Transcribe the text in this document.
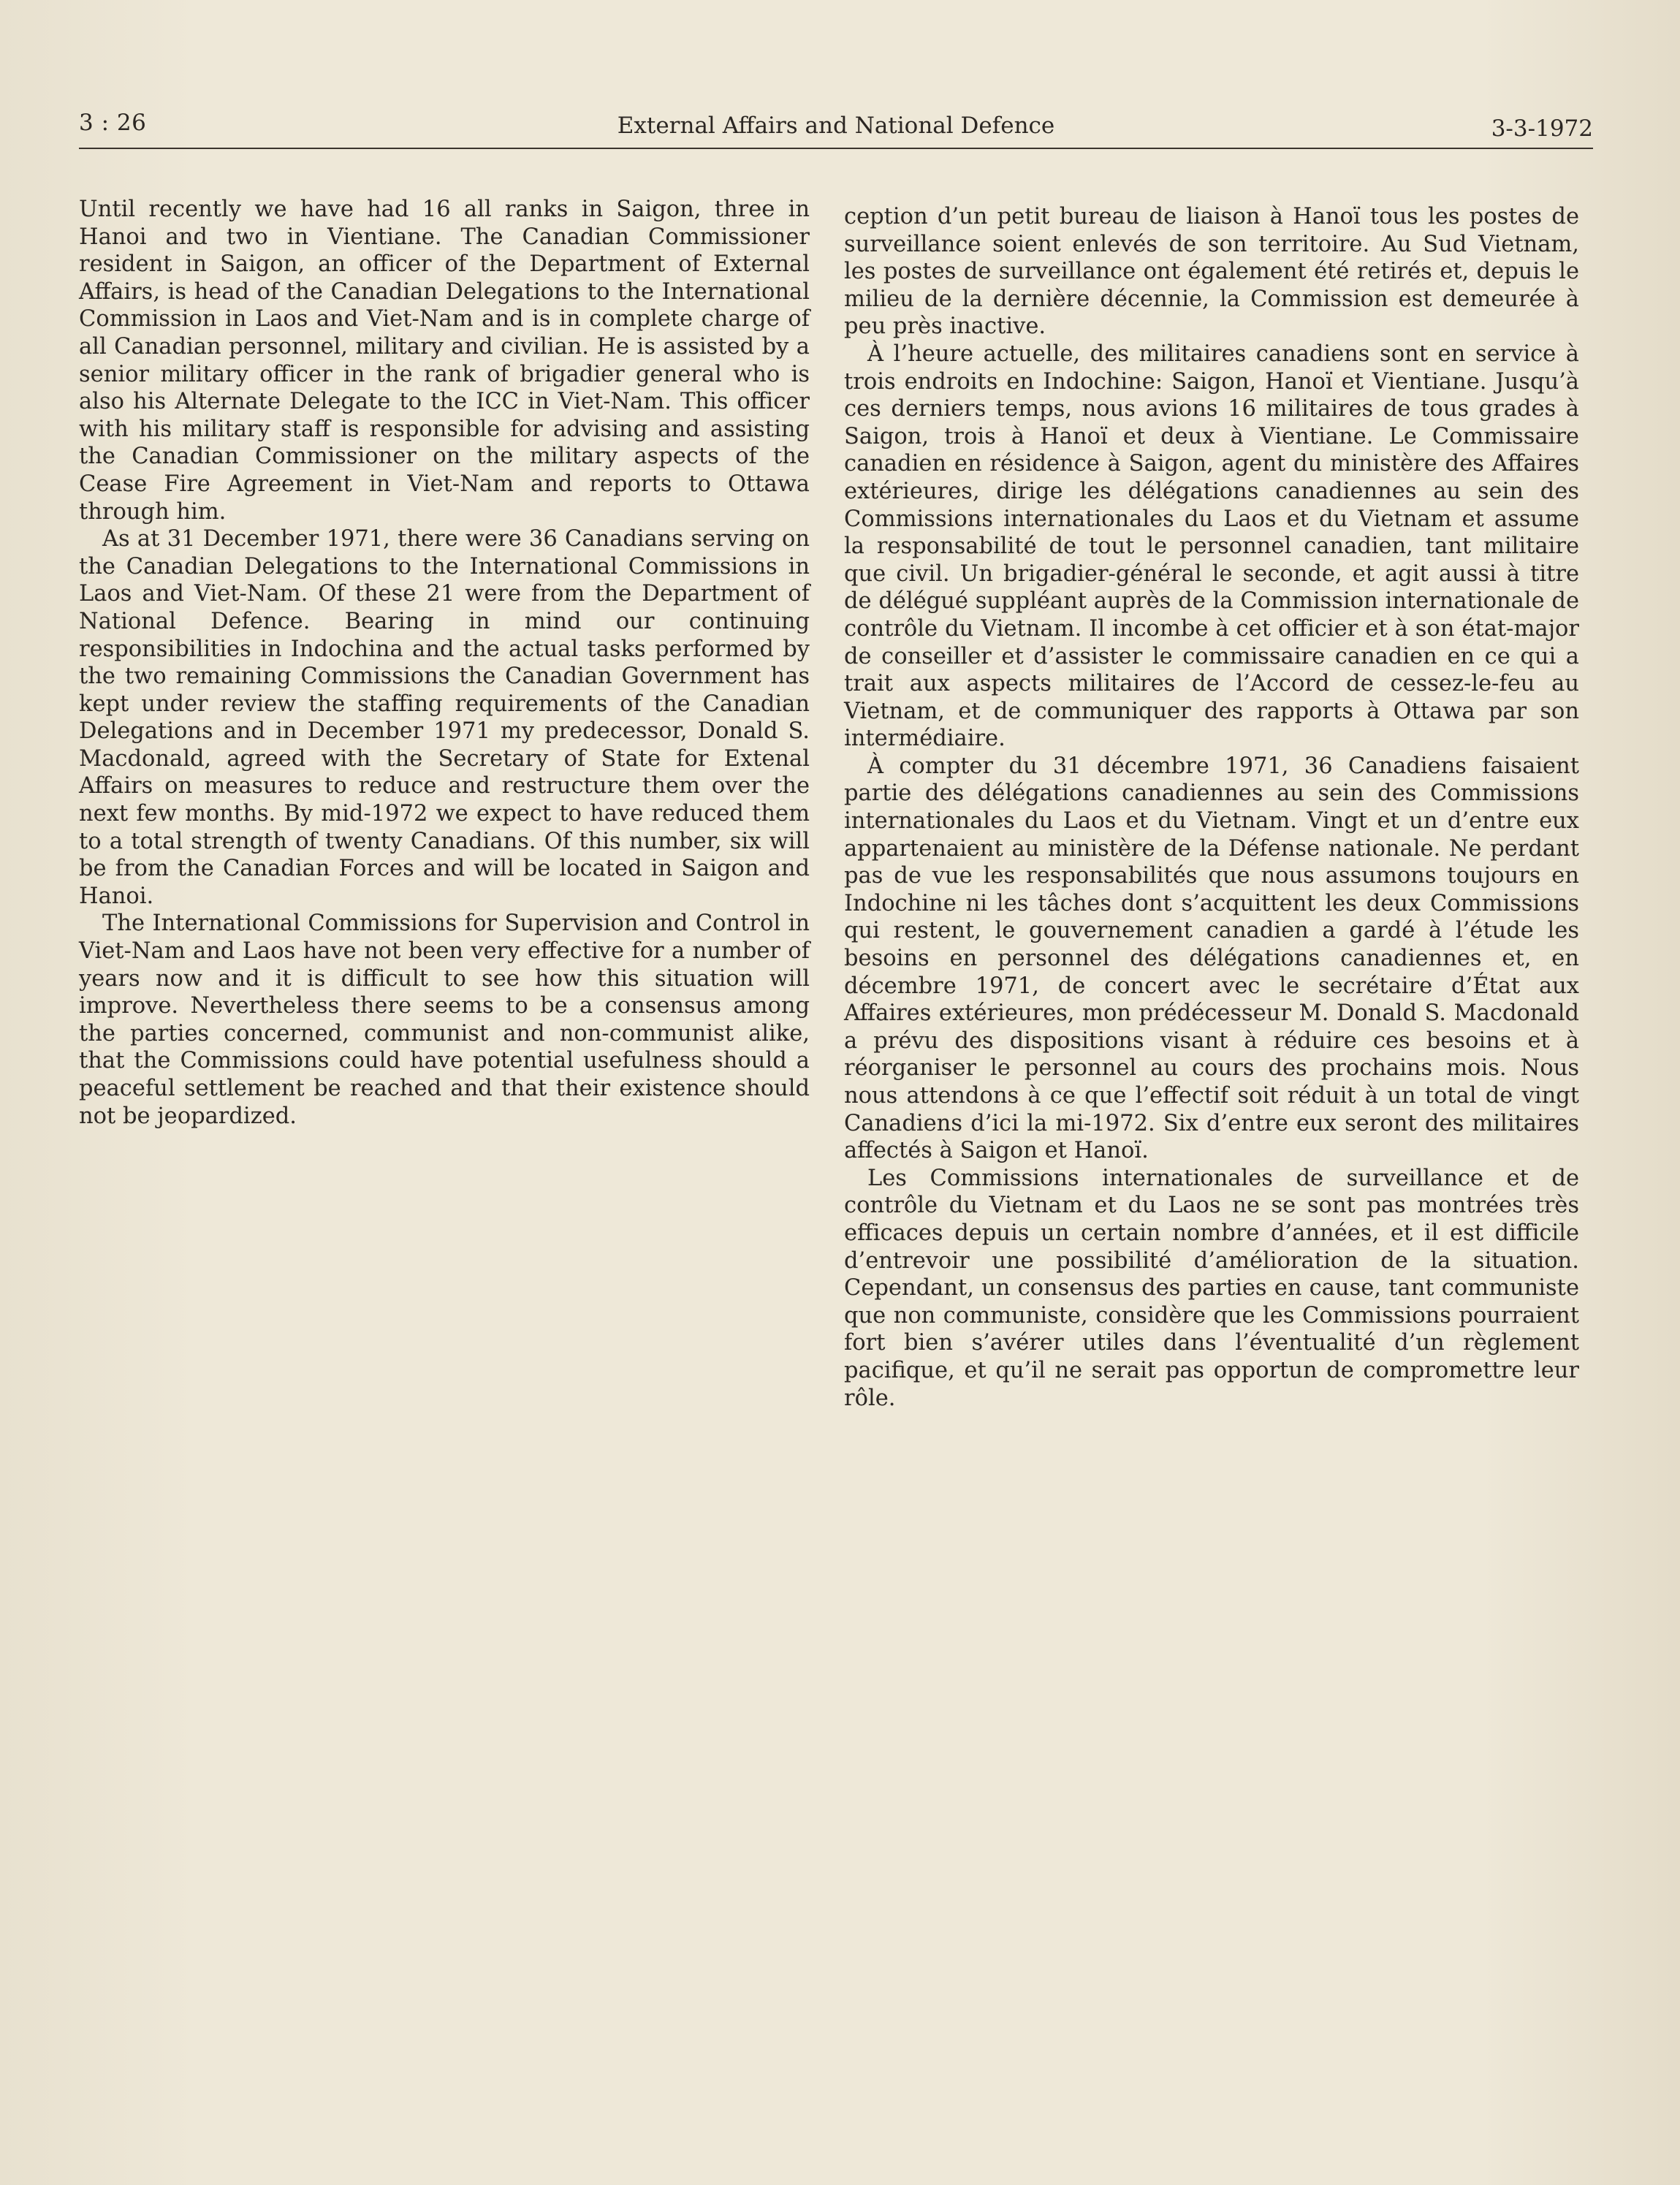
3 : 26	External Affairs and National Defence	3-3-1972

Until recently we have had 16 all ranks in Saigon, three in Hanoi and two in Vientiane. The Canadian Commissioner resident in Saigon, an officer of the Department of External Affairs, is head of the Canadian Delegations to the International Commission in Laos and Viet-Nam and is in complete charge of all Canadian personnel, military and civilian. He is assisted by a senior military officer in the rank of brigadier general who is also his Alternate Delegate to the ICC in Viet-Nam. This officer with his military staff is responsible for advising and assisting the Canadian Commissioner on the military aspects of the Cease Fire Agreement in Viet-Nam and reports to Ottawa through him.

As at 31 December 1971, there were 36 Canadians serving on the Canadian Delegations to the International Commissions in Laos and Viet-Nam. Of these 21 were from the Department of National Defence. Bearing in mind our continuing responsibilities in Indochina and the actual tasks performed by the two remaining Commissions the Canadian Government has kept under review the staffing requirements of the Canadian Delegations and in December 1971 my predecessor, Donald S. Macdonald, agreed with the Secretary of State for Extenal Affairs on measures to reduce and restructure them over the next few months. By mid-1972 we expect to have reduced them to a total strength of twenty Canadians. Of this number, six will be from the Canadian Forces and will be located in Saigon and Hanoi.

The International Commissions for Supervision and Control in Viet-Nam and Laos have not been very effective for a number of years now and it is difficult to see how this situation will improve. Nevertheless there seems to be a consensus among the parties concerned, communist and non-communist alike, that the Commissions could have potential usefulness should a peaceful settlement be reached and that their existence should not be jeopardized.

ception d’un petit bureau de liaison à Hanoï tous les postes de surveillance soient enlevés de son territoire. Au Sud Vietnam, les postes de surveillance ont également été retirés et, depuis le milieu de la dernière décennie, la Commission est demeurée à peu près inactive.

À l’heure actuelle, des militaires canadiens sont en service à trois endroits en Indochine: Saigon, Hanoï et Vientiane. Jusqu’à ces derniers temps, nous avions 16 militaires de tous grades à Saigon, trois à Hanoï et deux à Vientiane. Le Commissaire canadien en résidence à Saigon, agent du ministère des Affaires extérieures, dirige les délégations canadiennes au sein des Commissions internationales du Laos et du Vietnam et assume la responsabilité de tout le personnel canadien, tant militaire que civil. Un brigadier-général le seconde, et agit aussi à titre de délégué suppléant auprès de la Commission internationale de contrôle du Vietnam. Il incombe à cet officier et à son état-major de conseiller et d’assister le commissaire canadien en ce qui a trait aux aspects militaires de l’Accord de cessez-le-feu au Vietnam, et de communiquer des rapports à Ottawa par son intermédiaire.

À compter du 31 décembre 1971, 36 Canadiens faisaient partie des délégations canadiennes au sein des Commissions internationales du Laos et du Vietnam. Vingt et un d’entre eux appartenaient au ministère de la Défense nationale. Ne perdant pas de vue les responsabilités que nous assumons toujours en Indochine ni les tâches dont s’acquittent les deux Commissions qui restent, le gouvernement canadien a gardé à l’étude les besoins en personnel des délégations canadiennes et, en décembre 1971, de concert avec le secrétaire d’État aux Affaires extérieures, mon prédécesseur M. Donald S. Macdonald a prévu des dispositions visant à réduire ces besoins et à réorganiser le personnel au cours des prochains mois. Nous nous attendons à ce que l’effectif soit réduit à un total de vingt Canadiens d’ici la mi-1972. Six d’entre eux seront des militaires affectés à Saigon et Hanoï.

Les Commissions internationales de surveillance et de contrôle du Vietnam et du Laos ne se sont pas montrées très efficaces depuis un certain nombre d’années, et il est difficile d’entrevoir une possibilité d’amélioration de la situation. Cependant, un consensus des parties en cause, tant communiste que non communiste, considère que les Commissions pourraient fort bien s’avérer utiles dans l’éventualité d’un règlement pacifique, et qu’il ne serait pas opportun de compromettre leur rôle.
